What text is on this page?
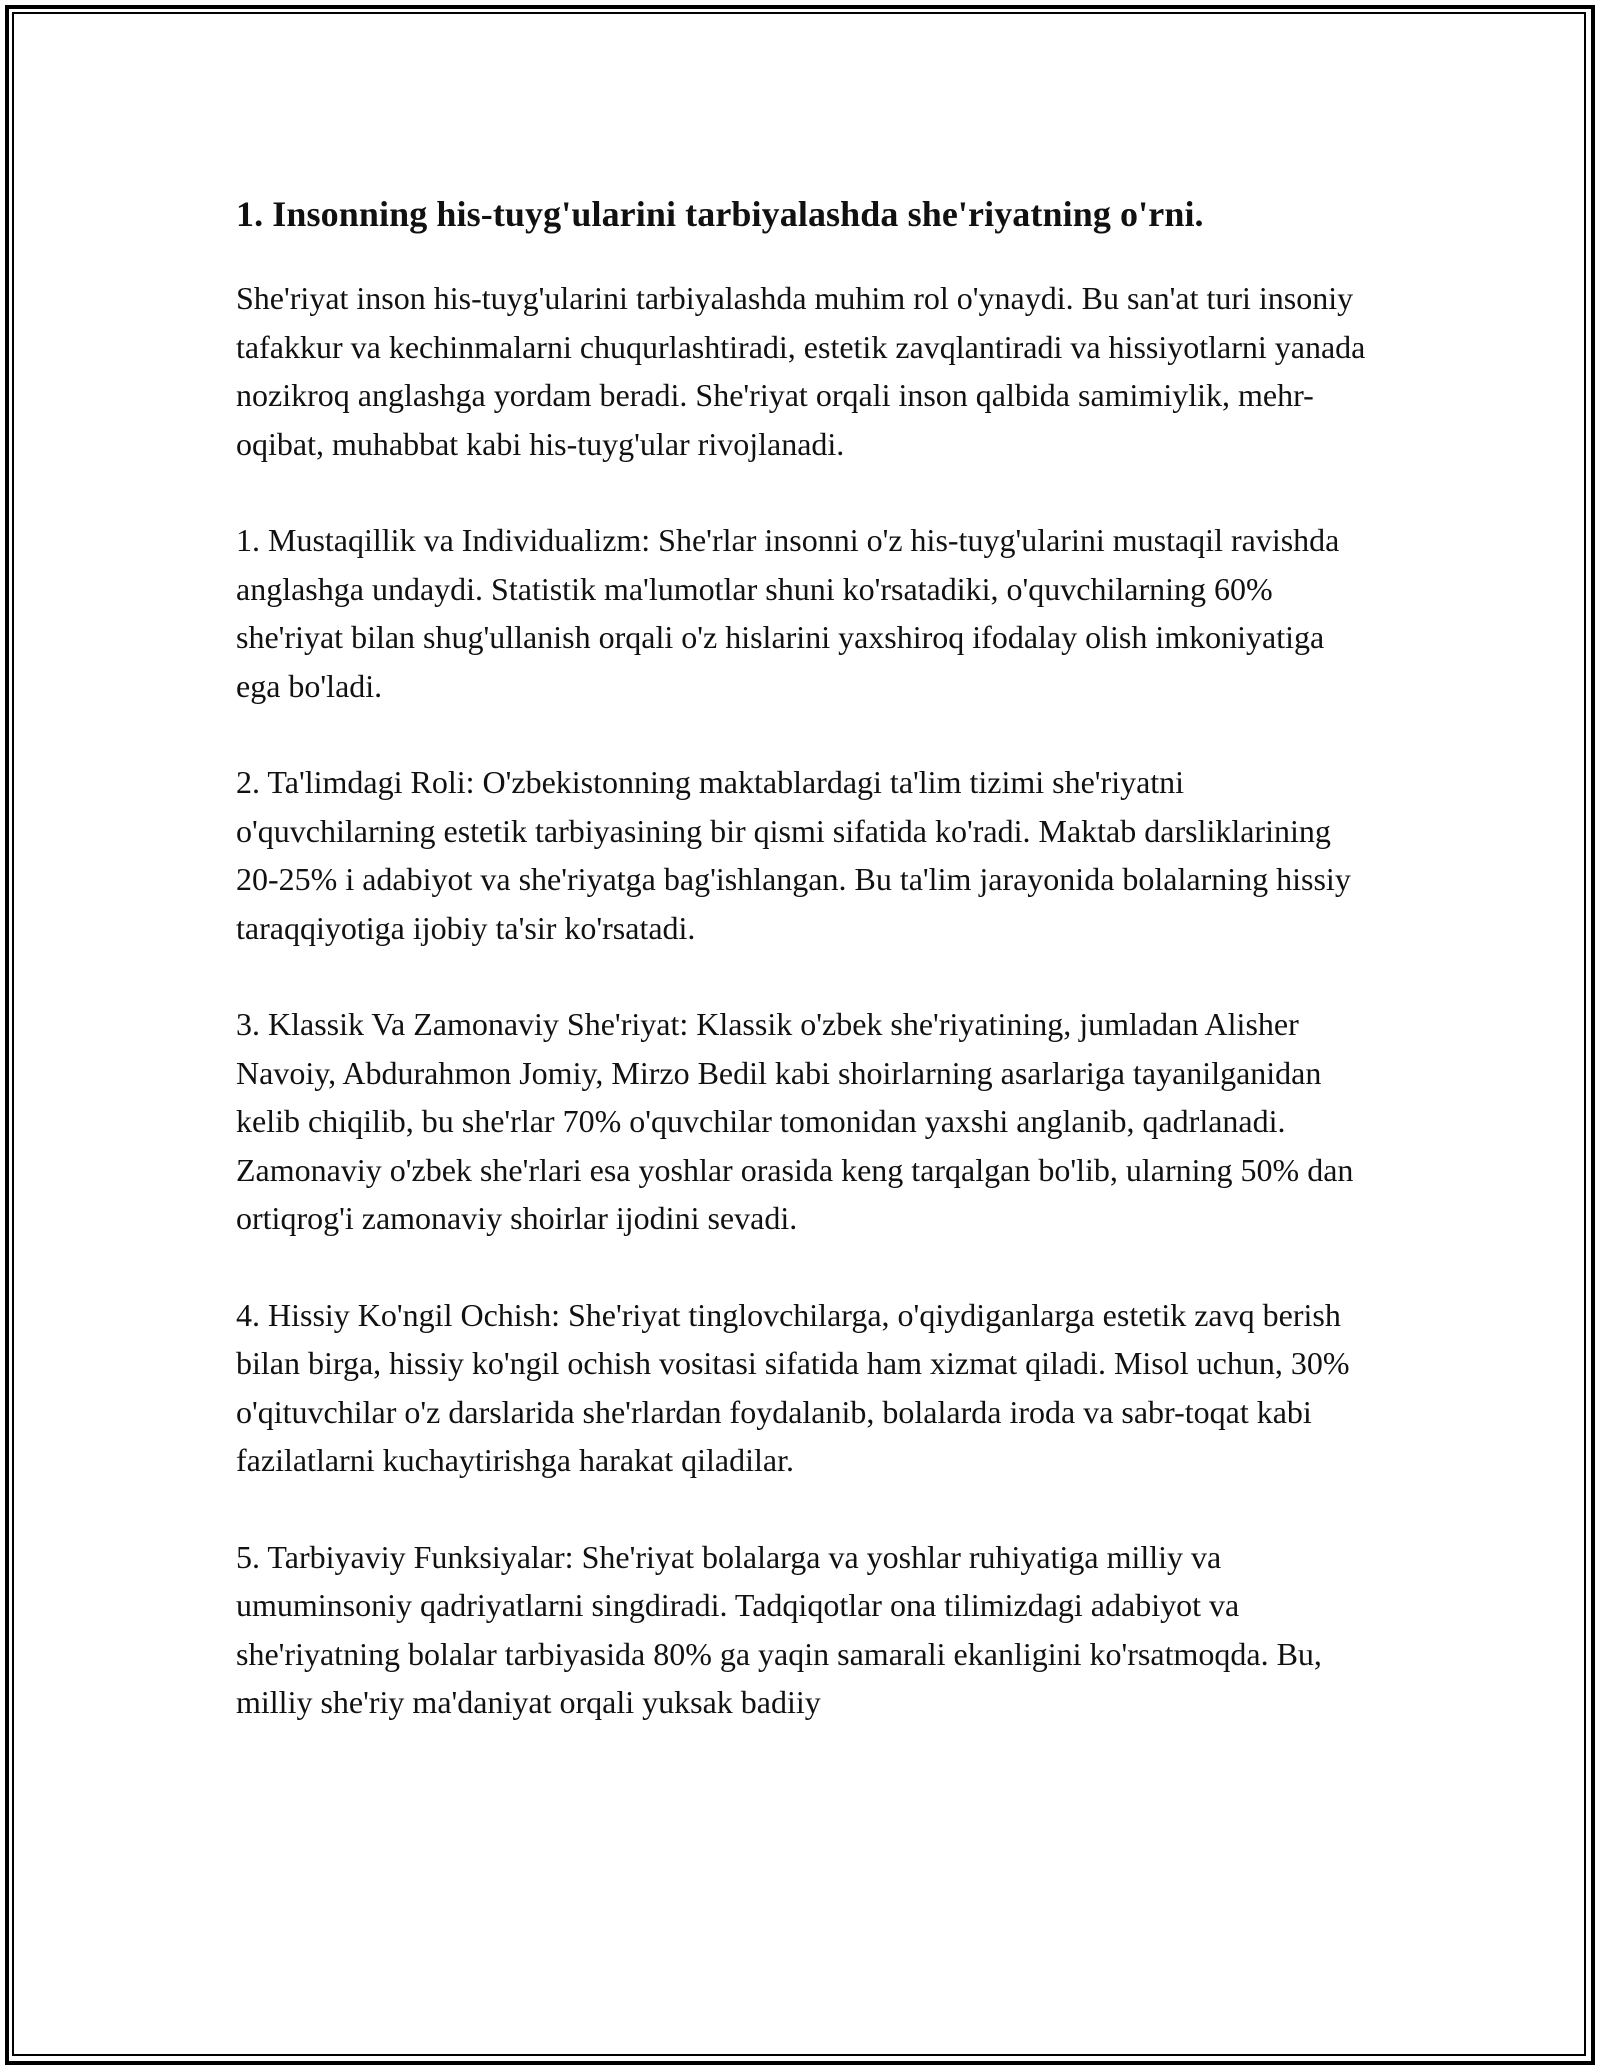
1. Insonning his-tuyg'ularini tarbiyalashda she'riyatning o'rni.

She'riyat inson his-tuyg'ularini tarbiyalashda muhim rol o'ynaydi. Bu san'at turi insoniy tafakkur va kechinmalarni chuqurlashtiradi, estetik zavqlantiradi va hissiyotlarni yanada nozikroq anglashga yordam beradi. She'riyat orqali inson qalbida samimiylik, mehr-oqibat, muhabbat kabi his-tuyg'ular rivojlanadi.

1. Mustaqillik va Individualizm: She'rlar insonni o'z his-tuyg'ularini mustaqil ravishda anglashga undaydi. Statistik ma'lumotlar shuni ko'rsatadiki, o'quvchilarning 60% she'riyat bilan shug'ullanish orqali o'z hislarini yaxshiroq ifodalay olish imkoniyatiga ega bo'ladi.

2. Ta'limdagi Roli: O'zbekistonning maktablardagi ta'lim tizimi she'riyatni o'quvchilarning estetik tarbiyasining bir qismi sifatida ko'radi. Maktab darsliklarining 20-25% i adabiyot va she'riyatga bag'ishlangan. Bu ta'lim jarayonida bolalarning hissiy taraqqiyotiga ijobiy ta'sir ko'rsatadi.

3. Klassik Va Zamonaviy She'riyat: Klassik o'zbek she'riyatining, jumladan Alisher Navoiy, Abdurahmon Jomiy, Mirzo Bedil kabi shoirlarning asarlariga tayanilganidan kelib chiqilib, bu she'rlar 70% o'quvchilar tomonidan yaxshi anglanib, qadrlanadi. Zamonaviy o'zbek she'rlari esa yoshlar orasida keng tarqalgan bo'lib, ularning 50% dan ortiqrog'i zamonaviy shoirlar ijodini sevadi.

4. Hissiy Ko'ngil Ochish: She'riyat tinglovchilarga, o'qiydiganlarga estetik zavq berish bilan birga, hissiy ko'ngil ochish vositasi sifatida ham xizmat qiladi. Misol uchun, 30% o'qituvchilar o'z darslarida she'rlardan foydalanib, bolalarda iroda va sabr-toqat kabi fazilatlarni kuchaytirishga harakat qiladilar.

5. Tarbiyaviy Funksiyalar: She'riyat bolalarga va yoshlar ruhiyatiga milliy va umuminsoniy qadriyatlarni singdiradi. Tadqiqotlar ona tilimizdagi adabiyot va she'riyatning bolalar tarbiyasida 80% ga yaqin samarali ekanligini ko'rsatmoqda. Bu, milliy she'riy ma'daniyat orqali yuksak badiiy
